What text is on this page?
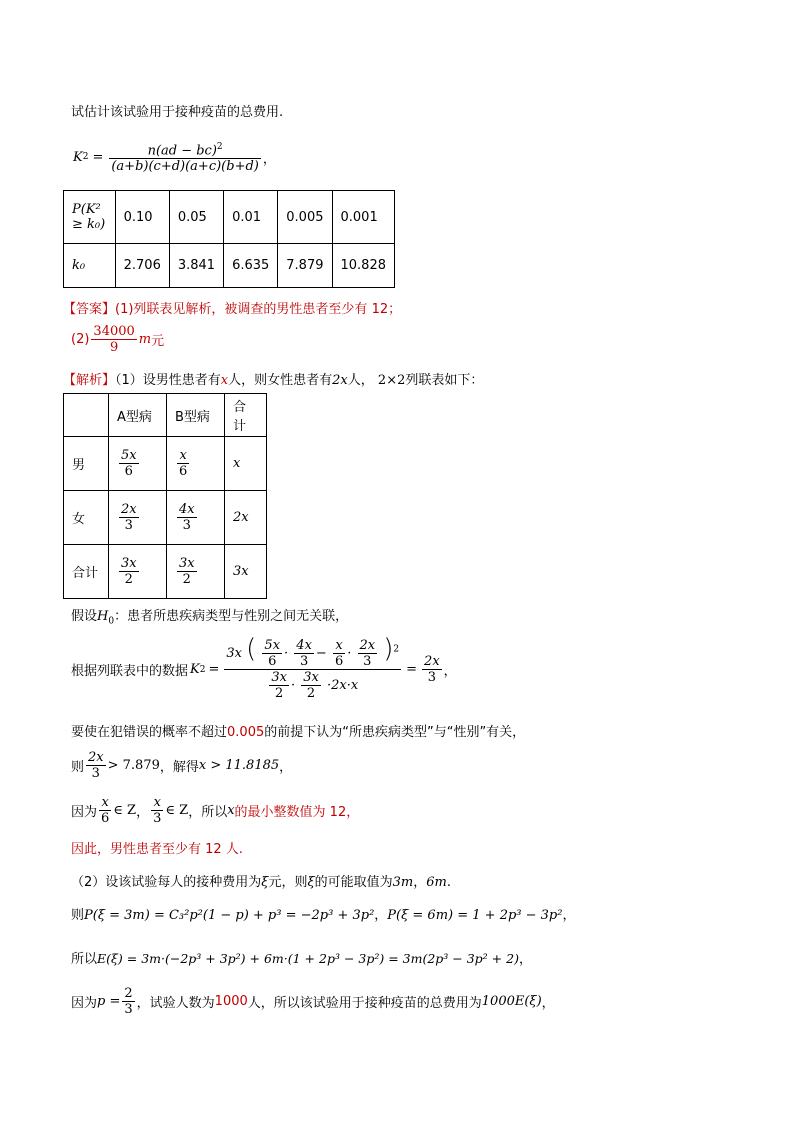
试估计该试验用于接种疫苗的总费用.
K $2 = \frac{n(ad - bc)^2}{(a+b)(c+d)(a+c)(b+d)}$ ，
P(K² ≥ k₀)	0.10	0.05	0.01	0.005	0.001
k₀	2.706	3.841	6.635	7.879	10.828
【答案】(1)列联表见解析，被调查的男性患者至少有 12；
$(2) \frac{34000}{9}$ m 元
【解析】（1）设男性患者有x人，则女性患者有2x人， 2×2列联表如下：
	A型病	B型病	合计
男	$\frac{5x}{6}$	$\frac{x}{6}$	x
女	$\frac{2x}{3}$	$\frac{4x}{3}$	2x
合计	$\frac{3x}{2}$	$\frac{3x}{2}$	3x
假设$H_0$：患者所患疾病类型与性别之间无关联，
根据列联表中的数据 K 2 =
3x ( $\frac{5x}{6} \cdot \frac{4x}{3} - \frac{x}{6} \cdot \frac{2x}{3} )^2$
$\frac{3x}{2} \cdot \frac{3x}{2} \cdot 2x\cdot x$
= $\frac{2x}{3}$ ，
要使在犯错误的概率不超过0.005的前提下认为“所患疾病类型”与“性别”有关，
则 $\frac{2x}{3} > 7.879$ ，解得 x > 11.8185 ，
因为 $\frac{x}{6}$ ∈ Z ， $\frac{x}{3}$ ∈ Z ，所以 x 的最小整数值为 12，
因此，男性患者至少有 12 人.
（2）设该试验每人的接种费用为ξ元，则ξ的可能取值为3m，6m.
则P(ξ = 3m) = C₃²p²(1 − p) + p³ = −2p³ + 3p²，P(ξ = 6m) = 1 + 2p³ − 3p²，
所以E(ξ) = 3m·(−2p³ + 3p²) + 6m·(1 + 2p³ − 3p²) = 3m(2p³ − 3p² + 2)，
因为 $p = \frac{2}{3}$ ，试验人数为 1000 人，所以该试验用于接种疫苗的总费用为 1000E(ξ) ，
